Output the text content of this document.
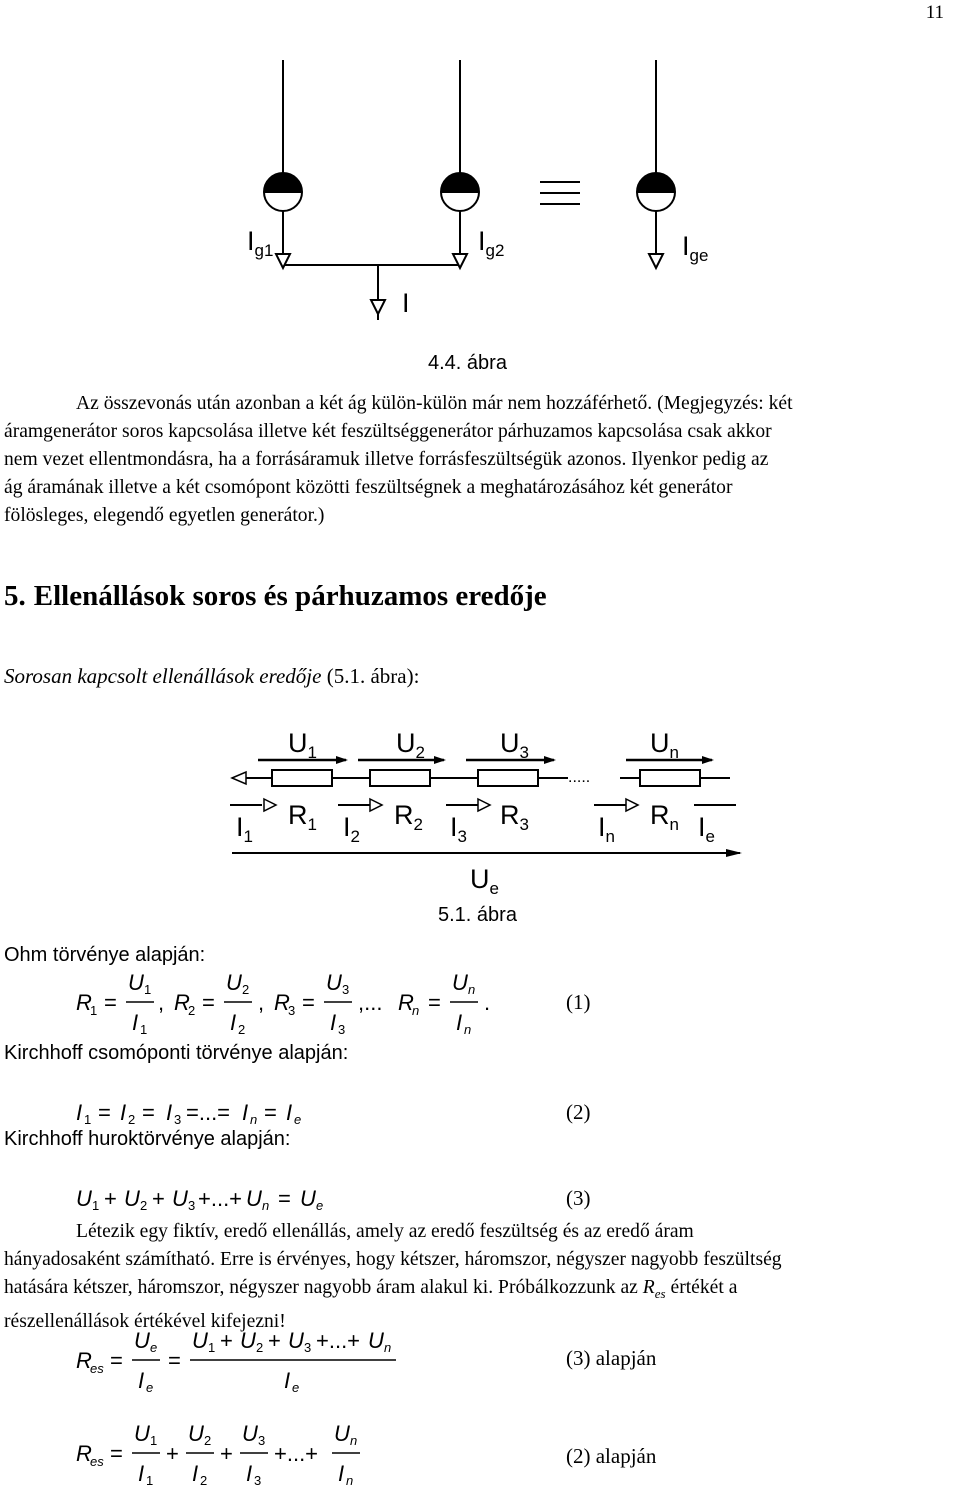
11
$I_{g1}$	$I_{g2}$	$I_{ge}$
I
4.4. ábra
Az összevonás után azonban a két ág külön-külön már nem hozzáférhető. (Megjegyzés: két
áramgenerátor soros kapcsolása illetve két feszültséggenerátor párhuzamos kapcsolása csak akkor
nem vezet ellentmondásra, ha a forrásáramuk illetve forrásfeszültségük azonos. Ilyenkor pedig az
ág áramának illetve a két csomópont közötti feszültségnek a meghatározásához két generátor
fölösleges, elegendő egyetlen generátor.)
5. Ellenállások soros és párhuzamos eredője
Sorosan kapcsolt ellenállások eredője (5.1. ábra):
.....
$U_1$	$U_2$	$U_3$	$U_n$
$I_1$	$I_2$	$I_3$	$I_n$	$I_e$
$R_1$	$R_2$	$R_3$	$R_n$
$U_e$
5.1. ábra
Ohm törvénye alapján:
R
1 =
U 1
I 1
, R
2 =
U 2
I 2
, R
3 =
U 3
I 3
,... R
n =
U n
I n
.	(1)
Kirchhoff csomóponti törvénye alapján:
I 1 = I 2 = I 3 =...= I n = I e	(2)
Kirchhoff huroktörvénye alapján:
U 1 + U 2 + U 3 +...+ U n = U e	(3)
Létezik egy fiktív, eredő ellenállás, amely az eredő feszültség és az eredő áram
hányadosaként számítható. Erre is érvényes, hogy kétszer, háromszor, négyszer nagyobb feszültség
hatására kétszer, háromszor, négyszer nagyobb áram alakul ki. Próbálkozzunk az $R_{es}$ értékét a
részellenállások értékével kifejezni!
R
es =
U e
I e
=
U 1 + U 2 + U 3 +...+ U n
I e
(3) alapján
R
es =
U 1
I 1
+
U 2
I 2
+
U 3
I 3
+...+
U n
I n
(2) alapján
